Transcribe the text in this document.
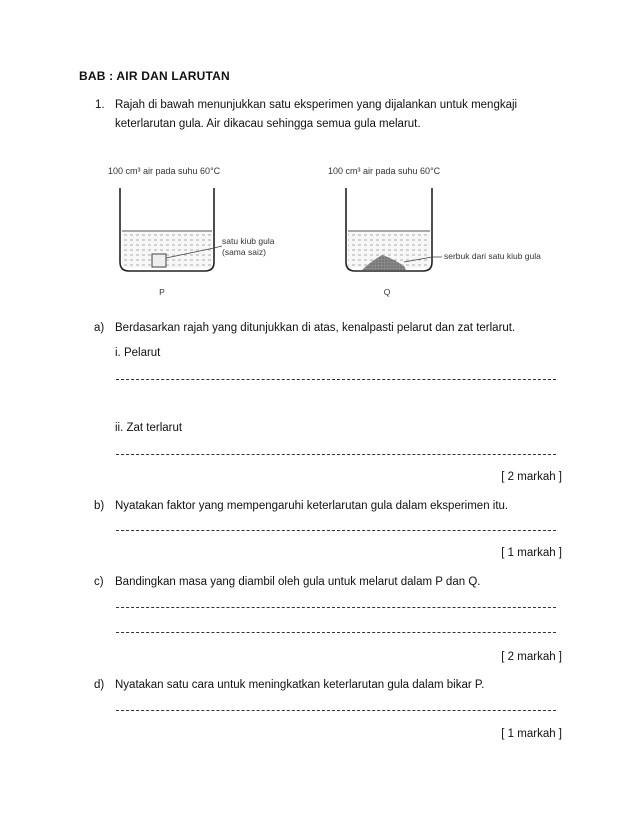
BAB : AIR DAN LARUTAN
1. Rajah di bawah menunjukkan satu eksperimen yang dijalankan untuk mengkaji
keterlarutan gula. Air dikacau sehingga semua gula melarut.
100 cm³ air pada suhu 60°C
satu kiub gula
(sama saiz)
P
100 cm³ air pada suhu 60°C
serbuk dari satu kiub gula
Q
a) Berdasarkan rajah yang ditunjukkan di atas, kenalpasti pelarut dan zat terlarut.
i. Pelarut
ii. Zat terlarut
[ 2 markah ]
b) Nyatakan faktor yang mempengaruhi keterlarutan gula dalam eksperimen itu.
[ 1 markah ]
c) Bandingkan masa yang diambil oleh gula untuk melarut dalam P dan Q.
[ 2 markah ]
d) Nyatakan satu cara untuk meningkatkan keterlarutan gula dalam bikar P.
[ 1 markah ]
